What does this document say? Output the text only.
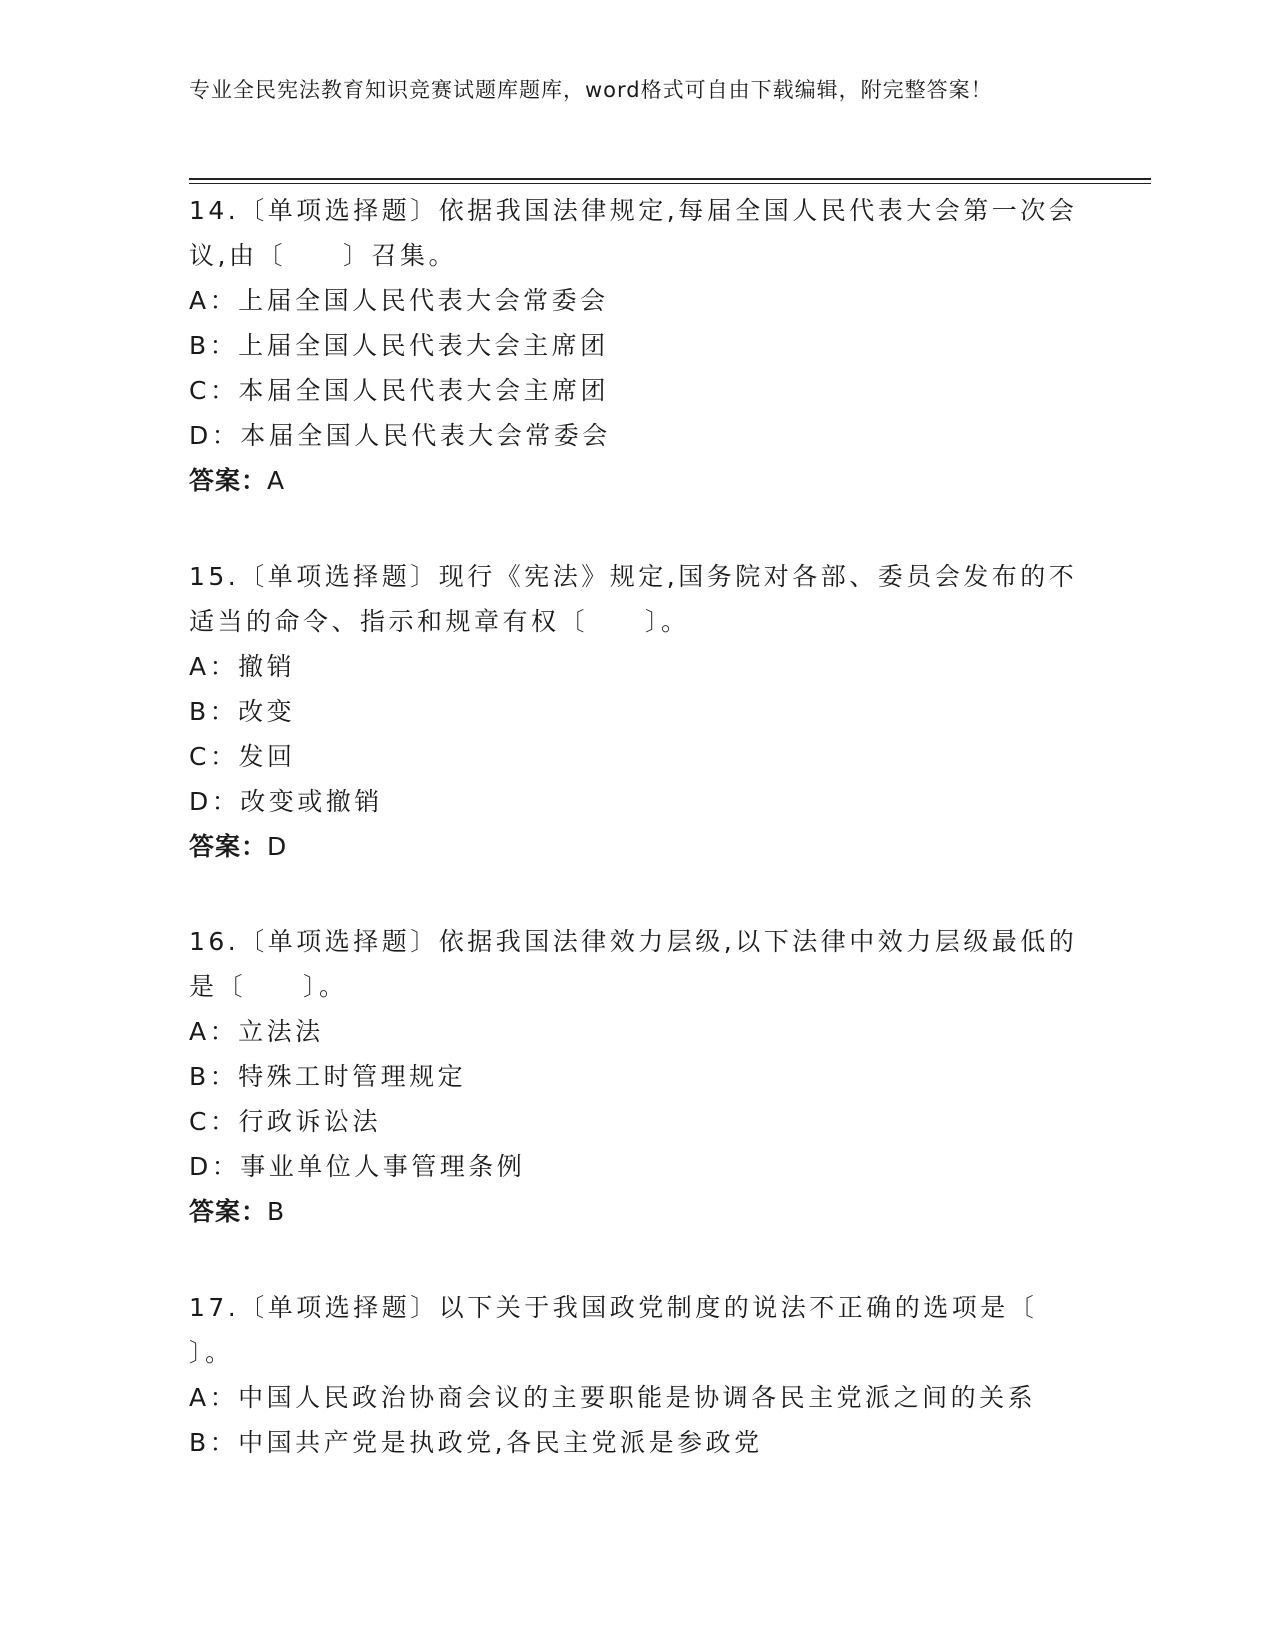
专业全民宪法教育知识竞赛试题库题库，word格式可自由下载编辑，附完整答案！

14.〔单项选择题〕依据我国法律规定,每届全国人民代表大会第一次会议,由〔　　〕召集。

A：上届全国人民代表大会常委会

B：上届全国人民代表大会主席团

C：本届全国人民代表大会主席团

D：本届全国人民代表大会常委会

答案：A

15.〔单项选择题〕现行《宪法》规定,国务院对各部、委员会发布的不适当的命令、指示和规章有权〔　　〕。

A：撤销

B：改变

C：发回

D：改变或撤销

答案：D

16.〔单项选择题〕依据我国法律效力层级,以下法律中效力层级最低的是〔　　〕。

A：立法法

B：特殊工时管理规定

C：行政诉讼法

D：事业单位人事管理条例

答案：B

17.〔单项选择题〕以下关于我国政党制度的说法不正确的选项是〔　　〕。

A：中国人民政治协商会议的主要职能是协调各民主党派之间的关系

B：中国共产党是执政党,各民主党派是参政党
